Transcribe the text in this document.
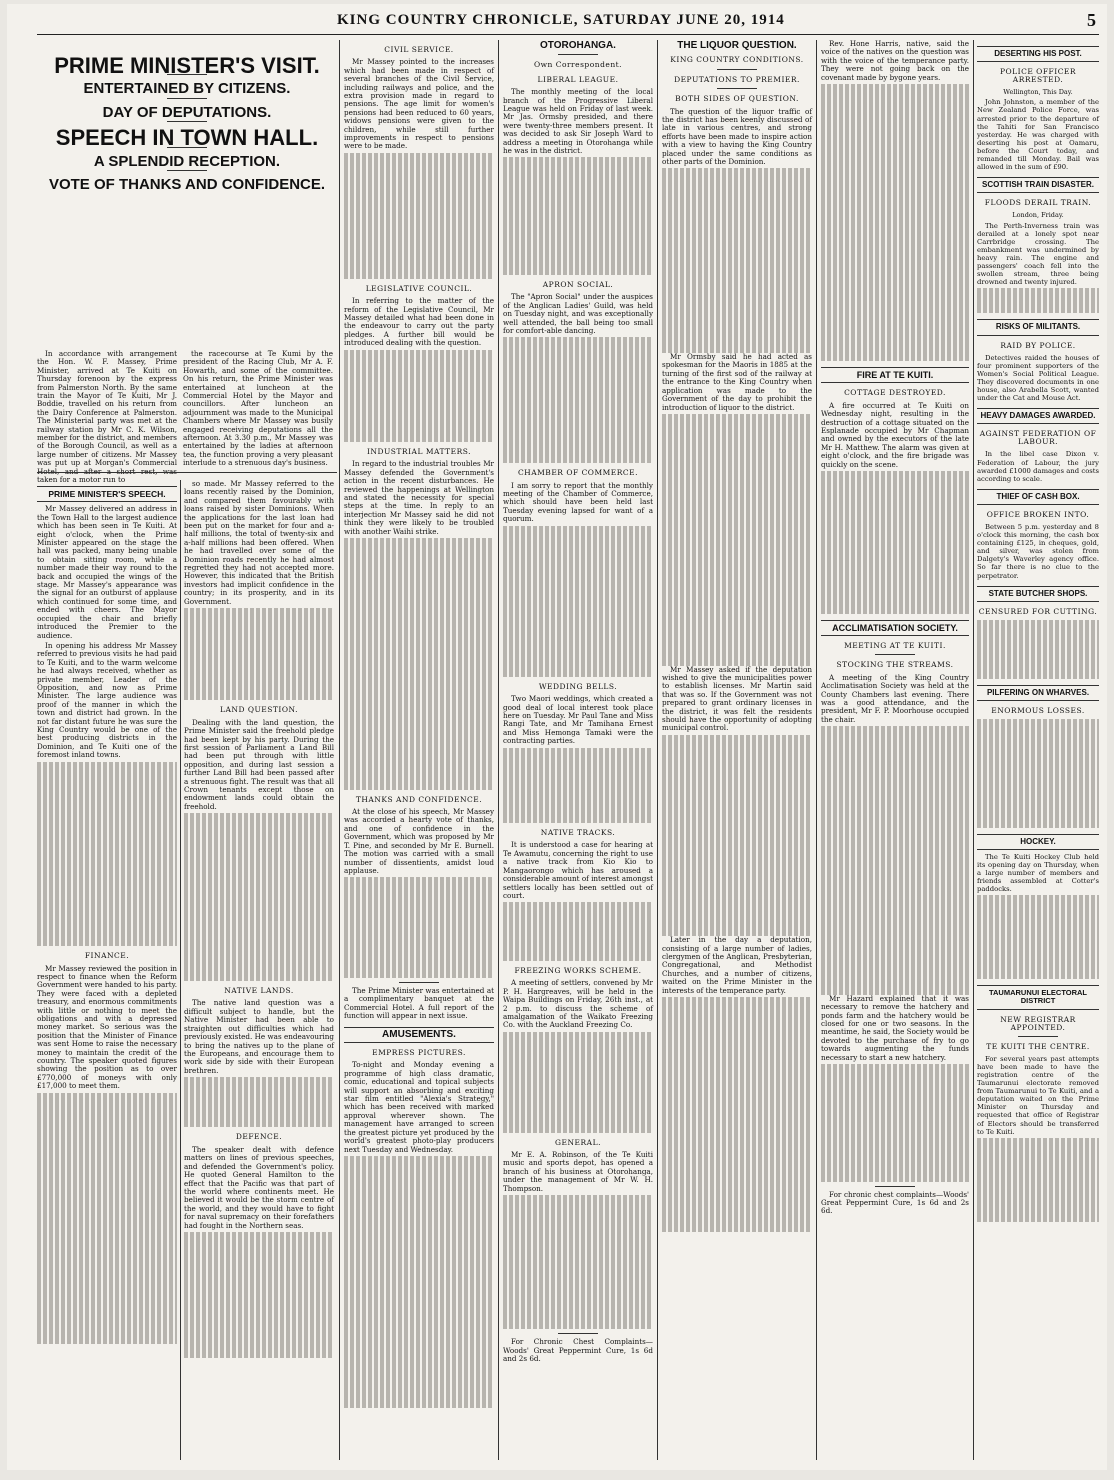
KING COUNTRY CHRONICLE, SATURDAY JUNE 20, 1914	5
PRIME MINISTER'S VISIT.
ENTERTAINED BY CITIZENS.
DAY OF DEPUTATIONS.
SPEECH IN TOWN HALL.
A SPLENDID RECEPTION.
VOTE OF THANKS AND CONFIDENCE.

In accordance with arrangement the Hon. W. F. Massey, Prime Minister, arrived at Te Kuiti on Thursday forenoon by the express from Palmerston North. By the same train the Mayor of Te Kuiti, Mr J. Boddie, travelled on his return from the Dairy Conference at Palmerston. The Ministerial party was met at the railway station by Mr C. K. Wilson, member for the district, and members of the Borough Council, as well as a large number of citizens. Mr Massey was put up at Morgan's Commercial Hotel, and after a short rest, was taken for a motor run to

the racecourse at Te Kumi by the president of the Racing Club, Mr A. F. Howarth, and some of the committee. On his return, the Prime Minister was entertained at luncheon at the Commercial Hotel by the Mayor and councillors. After luncheon an adjournment was made to the Municipal Chambers where Mr Massey was busily engaged receiving deputations all the afternoon. At 3.30 p.m., Mr Massey was entertained by the ladies at afternoon tea, the function proving a very pleasant interlude to a strenuous day's business.

PRIME MINISTER'S SPEECH.

Mr Massey delivered an address in the Town Hall to the largest audience which has been seen in Te Kuiti. At eight o'clock, when the Prime Minister appeared on the stage the hall was packed, many being unable to obtain sitting room, while a number made their way round to the back and occupied the wings of the stage. Mr Massey's appearance was the signal for an outburst of applause which continued for some time, and ended with cheers. The Mayor occupied the chair and briefly introduced the Premier to the audience.

In opening his address Mr Massey referred to previous visits he had paid to Te Kuiti, and to the warm welcome he had always received, whether as private member, Leader of the Opposition, and now as Prime Minister. The large audience was proof of the manner in which the town and district had grown. In the not far distant future he was sure the King Country would be one of the best producing districts in the Dominion, and Te Kuiti one of the foremost inland towns.

FINANCE.

Mr Massey reviewed the position in respect to finance when the Reform Government were handed to his party. They were faced with a depleted treasury, and enormous commitments with little or nothing to meet the obligations and with a depressed money market. So serious was the position that the Minister of Finance was sent Home to raise the necessary money to maintain the credit of the country. The speaker quoted figures showing the position as to over £770,000 of moneys with only £17,000 to meet them.

so made. Mr Massey referred to the loans recently raised by the Dominion, and compared them favourably with loans raised by sister Dominions. When the applications for the last loan had been put on the market for four and a-half millions, the total of twenty-six and a-half millions had been offered. When he had travelled over some of the Dominion roads recently he had almost regretted they had not accepted more. However, this indicated that the British investors had implicit confidence in the country; in its prosperity, and in its Government.

LAND QUESTION.

Dealing with the land question, the Prime Minister said the freehold pledge had been kept by his party. During the first session of Parliament a Land Bill had been put through with little opposition, and during last session a further Land Bill had been passed after a strenuous fight. The result was that all Crown tenants except those on endowment lands could obtain the freehold.

NATIVE LANDS.

The native land question was a difficult subject to handle, but the Native Minister had been able to straighten out difficulties which had previously existed. He was endeavouring to bring the natives up to the plane of the Europeans, and encourage them to work side by side with their European brethren.

DEFENCE.

The speaker dealt with defence matters on lines of previous speeches, and defended the Government's policy. He quoted General Hamilton to the effect that the Pacific was that part of the world where continents meet. He believed it would be the storm centre of the world, and they would have to fight for naval supremacy on their forefathers had fought in the Northern seas.

CIVIL SERVICE.

Mr Massey pointed to the increases which had been made in respect of several branches of the Civil Service, including railways and police, and the extra provision made in regard to pensions. The age limit for women's pensions had been reduced to 60 years, widows pensions were given to the children, while still further improvements in respect to pensions were to be made.

LEGISLATIVE COUNCIL.

In referring to the matter of the reform of the Legislative Council, Mr Massey detailed what had been done in the endeavour to carry out the party pledges. A further bill would be introduced dealing with the question.

INDUSTRIAL MATTERS.

In regard to the industrial troubles Mr Massey defended the Government's action in the recent disturbances. He reviewed the happenings at Wellington and stated the necessity for special steps at the time. In reply to an interjection Mr Massey said he did not think they were likely to be troubled with another Waihi strike.

THANKS AND CONFIDENCE.

At the close of his speech, Mr Massey was accorded a hearty vote of thanks, and one of confidence in the Government, which was proposed by Mr T. Pine, and seconded by Mr E. Burnell. The motion was carried with a small number of dissentients, amidst loud applause.

The Prime Minister was entertained at a complimentary banquet at the Commercial Hotel. A full report of the function will appear in next issue.

AMUSEMENTS.
EMPRESS PICTURES.

To-night and Monday evening a programme of high class dramatic, comic, educational and topical subjects will support an absorbing and exciting star film entitled "Alexia's Strategy," which has been received with marked approval wherever shown. The management have arranged to screen the greatest picture yet produced by the world's greatest photo-play producers next Tuesday and Wednesday.

OTOROHANGA.
Own Correspondent.
LIBERAL LEAGUE.

The monthly meeting of the local branch of the Progressive Liberal League was held on Friday of last week. Mr Jas. Ormsby presided, and there were twenty-three members present. It was decided to ask Sir Joseph Ward to address a meeting in Otorohanga while he was in the district.

APRON SOCIAL.

The "Apron Social" under the auspices of the Anglican Ladies' Guild, was held on Tuesday night, and was exceptionally well attended, the ball being too small for comfort-able dancing.

CHAMBER OF COMMERCE.

I am sorry to report that the monthly meeting of the Chamber of Commerce, which should have been held last Tuesday evening lapsed for want of a quorum.

WEDDING BELLS.

Two Maori weddings, which created a good deal of local interest took place here on Tuesday. Mr Paul Tane and Miss Rangi Tate, and Mr Tamihana Ernest and Miss Hemonga Tamaki were the contracting parties.

NATIVE TRACKS.

It is understood a case for hearing at Te Awamutu, concerning the right to use a native track from Kio Kio to Mangaorongo which has aroused a considerable amount of interest amongst settlers locally has been settled out of court.

FREEZING WORKS SCHEME.

A meeting of settlers, convened by Mr P. H. Hargreaves, will be held in the Waipa Buildings on Friday, 26th inst., at 2 p.m. to discuss the scheme of amalgamation of the Waikato Freezing Co. with the Auckland Freezing Co.

GENERAL.

Mr E. A. Robinson, of the Te Kuiti music and sports depot, has opened a branch of his business at Otorohanga, under the management of Mr W. H. Thompson.

For Chronic Chest Complaints—Woods' Great Peppermint Cure, 1s 6d and 2s 6d.

THE LIQUOR QUESTION.
KING COUNTRY CONDITIONS.
DEPUTATIONS TO PREMIER.
BOTH SIDES OF QUESTION.

The question of the liquor traffic of the district has been keenly discussed of late in various centres, and strong efforts have been made to inspire action with a view to having the King Country placed under the same conditions as other parts of the Dominion.

Mr Ormsby said he had acted as spokesman for the Maoris in 1885 at the turning of the first sod of the railway at the entrance to the King Country when application was made to the Government of the day to prohibit the introduction of liquor to the district.

Mr Massey asked if the deputation wished to give the municipalities power to establish licenses. Mr Martin said that was so. If the Government was not prepared to grant ordinary licenses in the district, it was felt the residents should have the opportunity of adopting municipal control.

Later in the day a deputation, consisting of a large number of ladies, clergymen of the Anglican, Presbyterian, Congregational, and Methodist Churches, and a number of citizens, waited on the Prime Minister in the interests of the temperance party.

Rev. Hone Harris, native, said the voice of the natives on the question was with the voice of the temperance party. They were not going back on the covenant made by bygone years.

FIRE AT TE KUITI.
COTTAGE DESTROYED.

A fire occurred at Te Kuiti on Wednesday night, resulting in the destruction of a cottage situated on the Esplanade occupied by Mr Chapman and owned by the executors of the late Mr H. Matthew. The alarm was given at eight o'clock, and the fire brigade was quickly on the scene.

ACCLIMATISATION SOCIETY.
MEETING AT TE KUITI.
STOCKING THE STREAMS.

A meeting of the King Country Acclimatisation Society was held at the County Chambers last evening. There was a good attendance, and the president, Mr F. P. Moorhouse occupied the chair.

Mr Hazard explained that it was necessary to remove the hatchery and ponds farm and the hatchery would be closed for one or two seasons. In the meantime, he said, the Society would be devoted to the purchase of fry to go towards augmenting the funds necessary to start a new hatchery.

For chronic chest complaints—Woods' Great Peppermint Cure, 1s 6d and 2s 6d.

DESERTING HIS POST.
POLICE OFFICER ARRESTED.
Wellington, This Day.

John Johnston, a member of the New Zealand Police Force, was arrested prior to the departure of the Tahiti for San Francisco yesterday. He was charged with deserting his post at Oamaru, before the Court today, and remanded till Monday. Bail was allowed in the sum of £90.

SCOTTISH TRAIN DISASTER.
FLOODS DERAIL TRAIN.
London, Friday.

The Perth-Inverness train was derailed at a lonely spot near Carrbridge crossing. The embankment was undermined by heavy rain. The engine and passengers' coach fell into the swollen stream, three being drowned and twenty injured.

RISKS OF MILITANTS.
RAID BY POLICE.

Detectives raided the houses of four prominent supporters of the Women's Social Political League. They discovered documents in one house, also Arabella Scott, wanted under the Cat and Mouse Act.

HEAVY DAMAGES AWARDED.
AGAINST FEDERATION OF LABOUR.

In the libel case Dixon v. Federation of Labour, the jury awarded £1000 damages and costs according to scale.

THIEF OF CASH BOX.
OFFICE BROKEN INTO.

Between 5 p.m. yesterday and 8 o'clock this morning, the cash box containing £125, in cheques, gold, and silver, was stolen from Dalgety's Waverley agency office. So far there is no clue to the perpetrator.

STATE BUTCHER SHOPS.
CENSURED FOR CUTTING.
PILFERING ON WHARVES.
ENORMOUS LOSSES.
HOCKEY.

The Te Kuiti Hockey Club held its opening day on Thursday, when a large number of members and friends assembled at Cotter's paddocks.

TAUMARUNUI ELECTORAL DISTRICT
NEW REGISTRAR APPOINTED.
TE KUITI THE CENTRE.

For several years past attempts have been made to have the registration centre of the Taumarunui electorate removed from Taumarunui to Te Kuiti, and a deputation waited on the Prime Minister on Thursday and requested that office of Registrar of Electors should be transferred to Te Kuiti.
